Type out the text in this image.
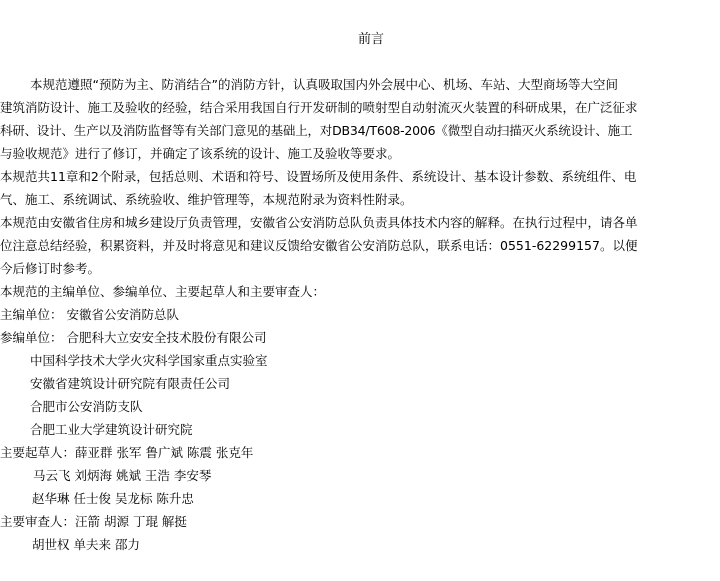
前言
本规范遵照“预防为主、防消结合”的消防方针，认真吸取国内外会展中心、机场、车站、大型商场等大空间
建筑消防设计、施工及验收的经验，结合采用我国自行开发研制的喷射型自动射流灭火装置的科研成果，在广泛征求
科研、设计、生产以及消防监督等有关部门意见的基础上，对DB34/T608-2006《微型自动扫描灭火系统设计、施工
与验收规范》进行了修订，并确定了该系统的设计、施工及验收等要求。
本规范共11章和2个附录，包括总则、术语和符号、设置场所及使用条件、系统设计、基本设计参数、系统组件、电
气、施工、系统调试、系统验收、维护管理等，本规范附录为资料性附录。
本规范由安徽省住房和城乡建设厅负责管理，安徽省公安消防总队负责具体技术内容的解释。在执行过程中，请各单
位注意总结经验，积累资料，并及时将意见和建议反馈给安徽省公安消防总队，联系电话：0551-62299157。以便
今后修订时参考。
本规范的主编单位、参编单位、主要起草人和主要审查人：
主编单位： 安徽省公安消防总队
参编单位： 合肥科大立安安全技术股份有限公司
中国科学技术大学火灾科学国家重点实验室
安徽省建筑设计研究院有限责任公司
合肥市公安消防支队
合肥工业大学建筑设计研究院
主要起草人：薛亚群 张军 鲁广斌 陈震 张克年
马云飞 刘炳海 姚斌 王浩 李安琴
赵华琳 任士俊 吴龙标 陈升忠
主要审查人：汪箭 胡源 丁琨 解挺
胡世权 单夫来 邵力
